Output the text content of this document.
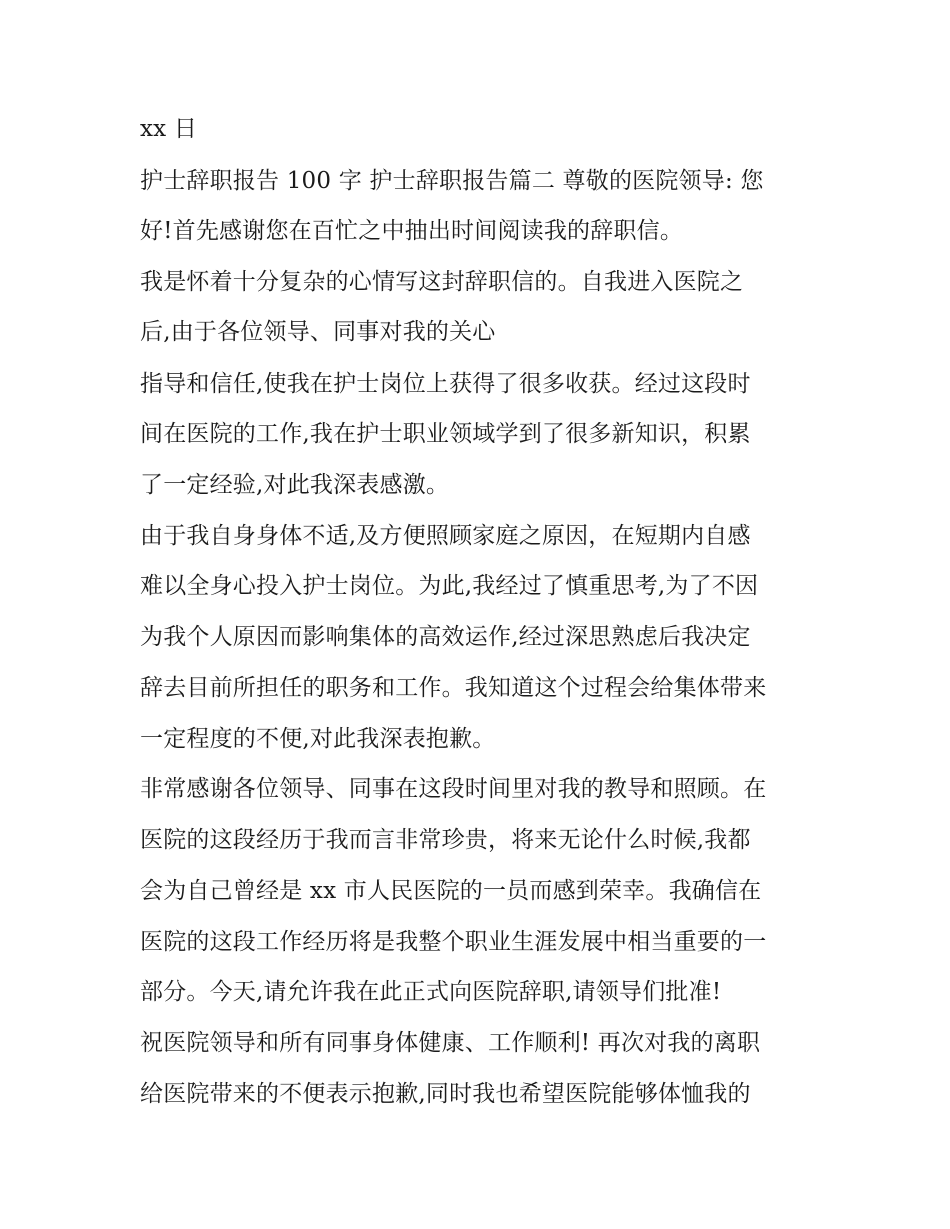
xx 日
护士辞职报告 100 字 护士辞职报告篇二 尊敬的医院领导: 您
好!首先感谢您在百忙之中抽出时间阅读我的辞职信。
我是怀着十分复杂的心情写这封辞职信的。自我进入医院之
后,由于各位领导、同事对我的关心
指导和信任,使我在护士岗位上获得了很多收获。经过这段时
间在医院的工作,我在护士职业领域学到了很多新知识，积累
了一定经验,对此我深表感激。
由于我自身身体不适,及方便照顾家庭之原因，在短期内自感
难以全身心投入护士岗位。为此,我经过了慎重思考,为了不因
为我个人原因而影响集体的高效运作,经过深思熟虑后我决定
辞去目前所担任的职务和工作。我知道这个过程会给集体带来
一定程度的不便,对此我深表抱歉。
非常感谢各位领导、同事在这段时间里对我的教导和照顾。在
医院的这段经历于我而言非常珍贵，将来无论什么时候,我都
会为自己曾经是 xx 市人民医院的一员而感到荣幸。我确信在
医院的这段工作经历将是我整个职业生涯发展中相当重要的一
部分。今天,请允许我在此正式向医院辞职,请领导们批准!
祝医院领导和所有同事身体健康、工作顺利! 再次对我的离职
给医院带来的不便表示抱歉,同时我也希望医院能够体恤我的
